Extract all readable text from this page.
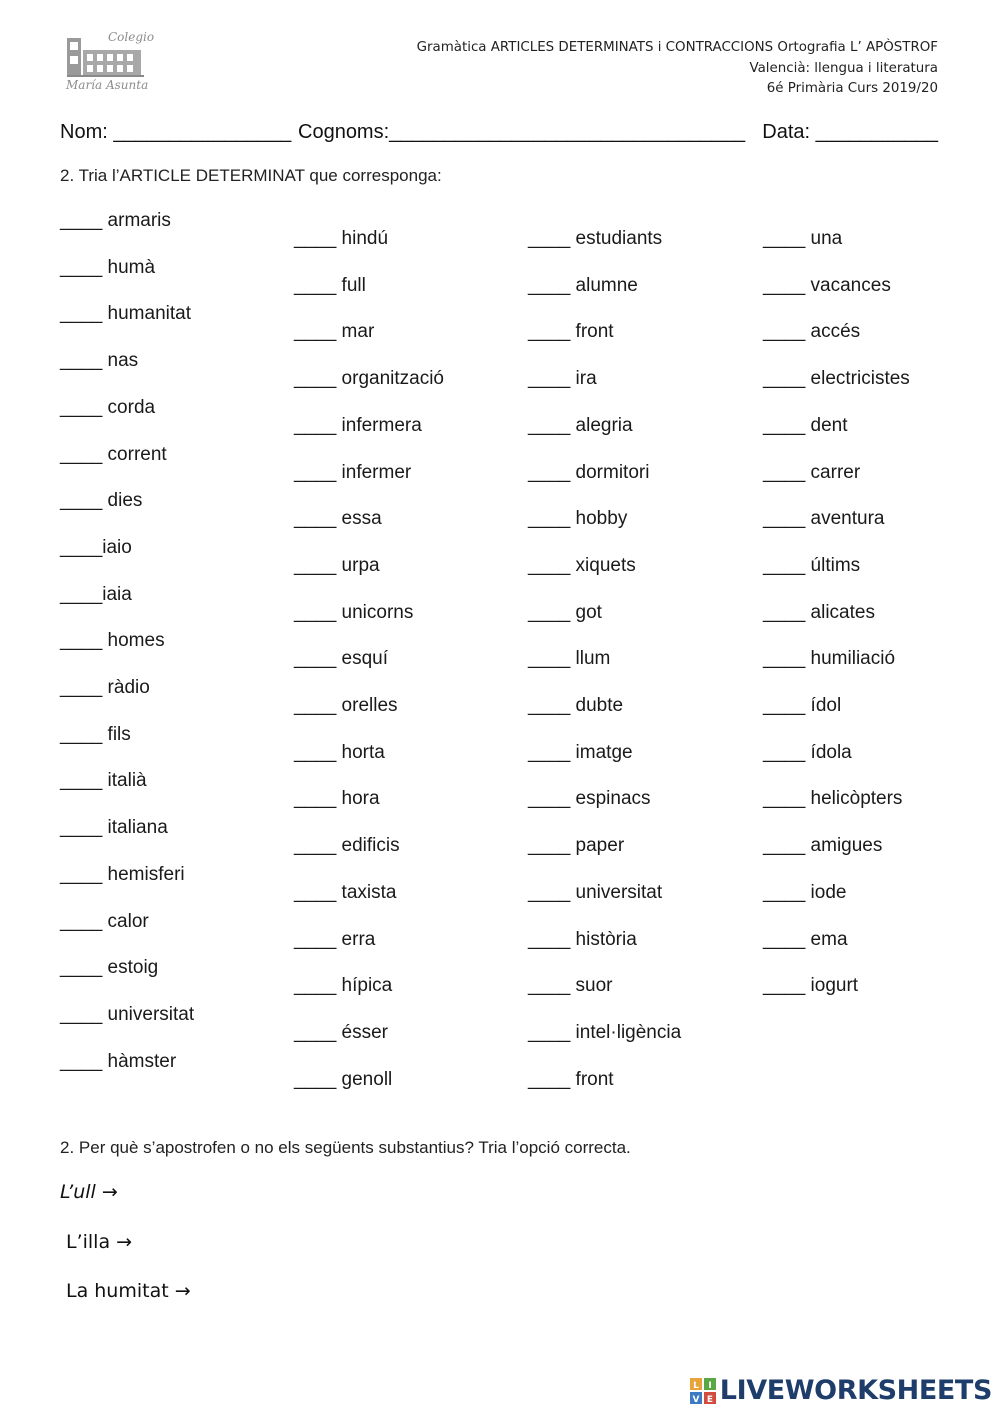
Colegio
María Asunta
Gramàtica ARTICLES DETERMINATS i CONTRACCIONS Ortografia L’ APÒSTROF
Valencià: llengua i literatura
6é Primària Curs 2019/20
Nom: ________________ Cognoms:________________________________ Data: ___________
2. Tria l’ARTICLE DETERMINAT que corresponga:
____ armaris
____ humà
____ humanitat
____ nas
____ corda
____ corrent
____ dies
____iaio
____iaia
____ homes
____ ràdio
____ fils
____ italià
____ italiana
____ hemisferi
____ calor
____ estoig
____ universitat
____ hàmster
____ hindú
____ full
____ mar
____ organització
____ infermera
____ infermer
____ essa
____ urpa
____ unicorns
____ esquí
____ orelles
____ horta
____ hora
____ edificis
____ taxista
____ erra
____ hípica
____ ésser
____ genoll
____ estudiants
____ alumne
____ front
____ ira
____ alegria
____ dormitori
____ hobby
____ xiquets
____ got
____ llum
____ dubte
____ imatge
____ espinacs
____ paper
____ universitat
____ història
____ suor
____ intel·ligència
____ front
____ una
____ vacances
____ accés
____ electricistes
____ dent
____ carrer
____ aventura
____ últims
____ alicates
____ humiliació
____ ídol
____ ídola
____ helicòpters
____ amigues
____ iode
____ ema
____ iogurt
2. Per què s’apostrofen o no els següents substantius? Tria l’opció correcta.
L’ull →
L’illa →
La humitat →
L I
V E LIVEWORKSHEETS
